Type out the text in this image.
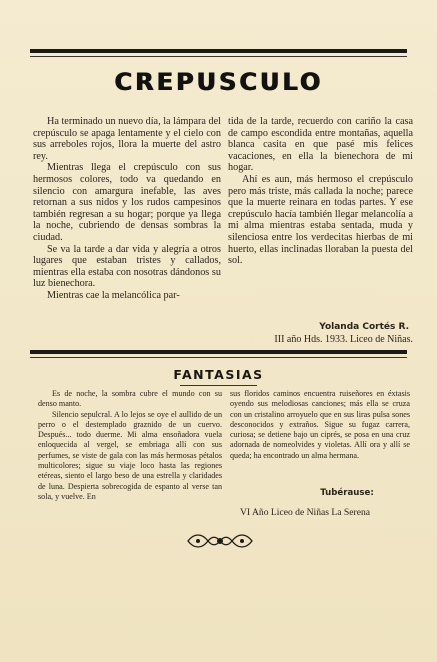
CREPUSCULO

Ha terminado un nuevo día, la lámpara del crepúsculo se apaga lentamente y el cielo con sus arreboles rojos, llora la muerte del astro rey.

Mientras llega el crepúsculo con sus hermosos colores, todo va quedando en silencio con amargura inefable, las aves retornan a sus nidos y los rudos campesinos también regresan a su hogar; porque ya llega la noche, cubriendo de densas sombras la ciudad.

Se va la tarde a dar vida y alegría a otros lugares que estaban tristes y callados, mientras ella estaba con nosotras dándonos su luz bienechora.

Mientras cae la melancólica par-

tida de la tarde, recuerdo con cariño la casa de campo escondida entre montañas, aquella blanca casita en que pasé mis felices vacaciones, en ella la bienechora de mi hogar.

Ahí es aun, más hermoso el crepúsculo pero más triste, más callada la noche; parece que la muerte reinara en todas partes. Y ese crepúsculo hacía también llegar melancolía a mi alma mientras estaba sentada, muda y silenciosa entre los verdecitas hierbas de mi huerto, ellas inclinadas lloraban la puesta del sol.

Yolanda Cortés R.
III año Hds. 1933. Liceo de Niñas.
FANTASIAS

Es de noche, la sombra cubre el mundo con su denso manto.

Silencio sepulcral. A lo lejos se oye el aullido de un perro o el destemplado graznido de un cuervo. Después... todo duerme. Mi alma ensoñadora vuela enloquecida al vergel, se embriaga allí con sus perfumes, se viste de gala con las más hermosas pétalos multicolores; sigue su viaje loco hasta las regiones etéreas, siento el largo beso de una estrella y claridades de luna. Despierta sobrecogida de espanto al verse tan sola, y vuelve. En

sus floridos caminos encuentra ruiseñores en éxtasis oyendo sus melodiosas canciones; más ella se cruza con un cristalino arroyuelo que en sus liras pulsa sones desconocidos y extraños. Sigue su fugaz carrera, curiosa; se detiene bajo un ciprés, se posa en una cruz adornada de nomeolvides y violetas. Allí ora y allí se queda; ha encontrado un alma hermana.

Tubérause:
VI Año Liceo de Niñas La Serena
